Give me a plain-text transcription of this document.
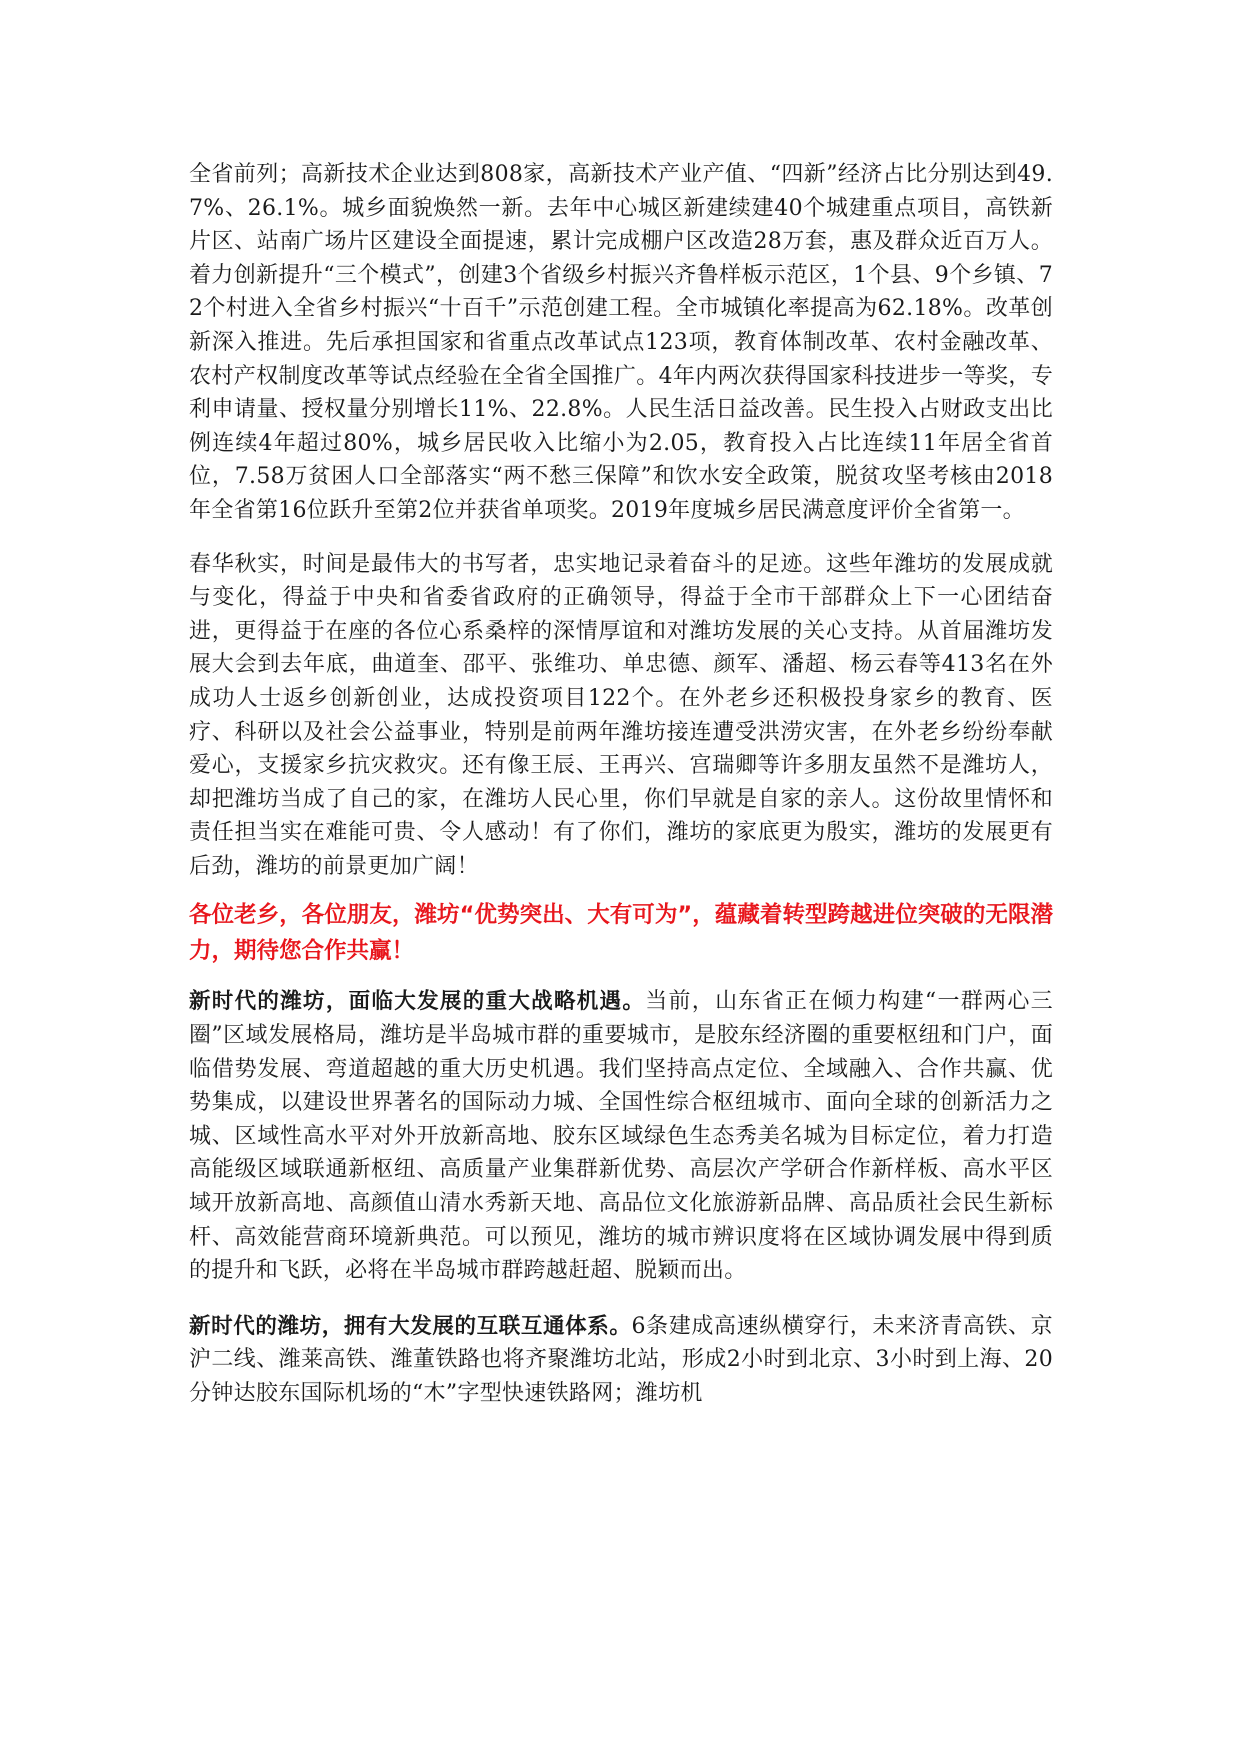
全省前列；高新技术企业达到808家，高新技术产业产值、“四新”经济占比分别达到49.7%、26.1%。城乡面貌焕然一新。去年中心城区新建续建40个城建重点项目，高铁新片区、站南广场片区建设全面提速，累计完成棚户区改造28万套，惠及群众近百万人。着力创新提升“三个模式”，创建3个省级乡村振兴齐鲁样板示范区，1个县、9个乡镇、72个村进入全省乡村振兴“十百千”示范创建工程。全市城镇化率提高为62.18%。改革创新深入推进。先后承担国家和省重点改革试点123项，教育体制改革、农村金融改革、农村产权制度改革等试点经验在全省全国推广。4年内两次获得国家科技进步一等奖，专利申请量、授权量分别增长11%、22.8%。人民生活日益改善。民生投入占财政支出比例连续4年超过80%，城乡居民收入比缩小为2.05，教育投入占比连续11年居全省首位，7.58万贫困人口全部落实“两不愁三保障”和饮水安全政策，脱贫攻坚考核由2018年全省第16位跃升至第2位并获省单项奖。2019年度城乡居民满意度评价全省第一。

春华秋实，时间是最伟大的书写者，忠实地记录着奋斗的足迹。这些年潍坊的发展成就与变化，得益于中央和省委省政府的正确领导，得益于全市干部群众上下一心团结奋进，更得益于在座的各位心系桑梓的深情厚谊和对潍坊发展的关心支持。从首届潍坊发展大会到去年底，曲道奎、邵平、张维功、单忠德、颜军、潘超、杨云春等413名在外成功人士返乡创新创业，达成投资项目122个。在外老乡还积极投身家乡的教育、医疗、科研以及社会公益事业，特别是前两年潍坊接连遭受洪涝灾害，在外老乡纷纷奉献爱心，支援家乡抗灾救灾。还有像王辰、王再兴、宫瑞卿等许多朋友虽然不是潍坊人，却把潍坊当成了自己的家，在潍坊人民心里，你们早就是自家的亲人。这份故里情怀和责任担当实在难能可贵、令人感动！有了你们，潍坊的家底更为殷实，潍坊的发展更有后劲，潍坊的前景更加广阔！

各位老乡，各位朋友，潍坊“优势突出、大有可为”，蕴藏着转型跨越进位突破的无限潜力，期待您合作共赢！

新时代的潍坊，面临大发展的重大战略机遇。当前，山东省正在倾力构建“一群两心三圈”区域发展格局，潍坊是半岛城市群的重要城市，是胶东经济圈的重要枢纽和门户，面临借势发展、弯道超越的重大历史机遇。我们坚持高点定位、全域融入、合作共赢、优势集成，以建设世界著名的国际动力城、全国性综合枢纽城市、面向全球的创新活力之城、区域性高水平对外开放新高地、胶东区域绿色生态秀美名城为目标定位，着力打造高能级区域联通新枢纽、高质量产业集群新优势、高层次产学研合作新样板、高水平区域开放新高地、高颜值山清水秀新天地、高品位文化旅游新品牌、高品质社会民生新标杆、高效能营商环境新典范。可以预见，潍坊的城市辨识度将在区域协调发展中得到质的提升和飞跃，必将在半岛城市群跨越赶超、脱颖而出。

新时代的潍坊，拥有大发展的互联互通体系。6条建成高速纵横穿行，未来济青高铁、京沪二线、潍莱高铁、潍董铁路也将齐聚潍坊北站，形成2小时到北京、3小时到上海、20分钟达胶东国际机场的“木”字型快速铁路网；潍坊机
